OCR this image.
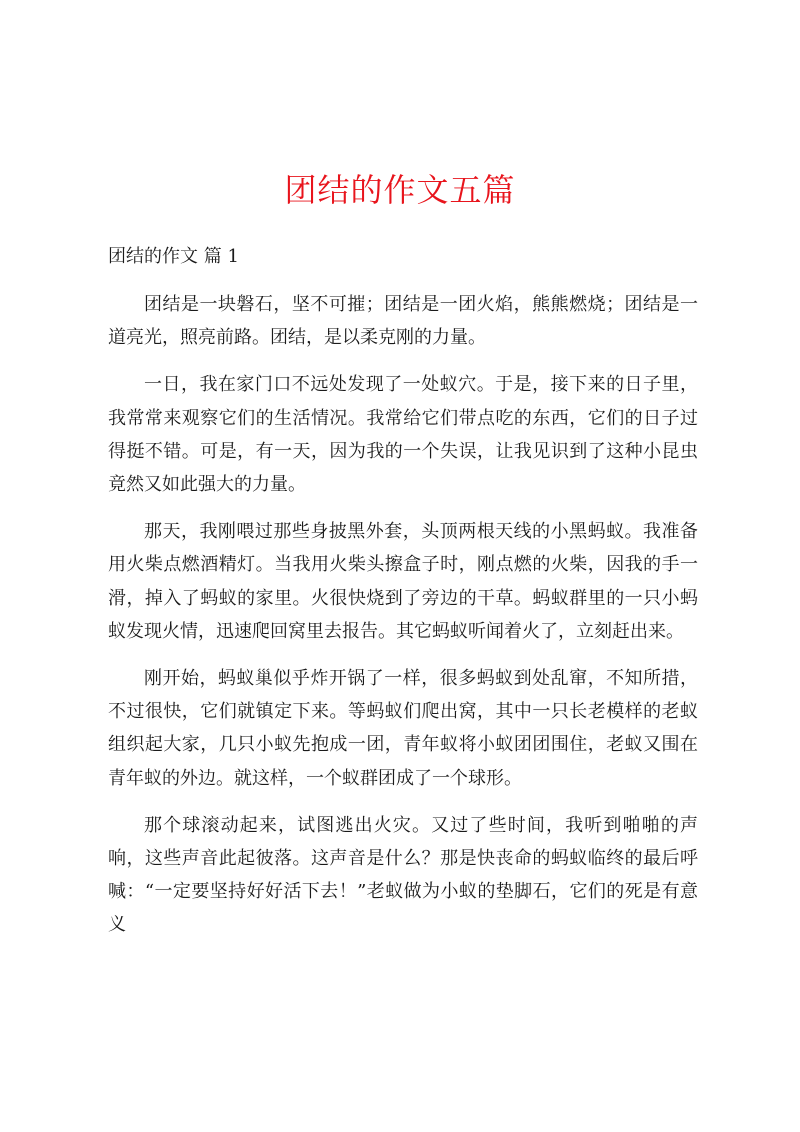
团结的作文五篇

团结的作文 篇 1

团结是一块磐石，坚不可摧；团结是一团火焰，熊熊燃烧；团结是一道亮光，照亮前路。团结，是以柔克刚的力量。

一日，我在家门口不远处发现了一处蚁穴。于是，接下来的日子里，我常常来观察它们的生活情况。我常给它们带点吃的东西，它们的日子过得挺不错。可是，有一天，因为我的一个失误，让我见识到了这种小昆虫竟然又如此强大的力量。

那天，我刚喂过那些身披黑外套，头顶两根天线的小黑蚂蚁。我准备用火柴点燃酒精灯。当我用火柴头擦盒子时，刚点燃的火柴，因我的手一滑，掉入了蚂蚁的家里。火很快烧到了旁边的干草。蚂蚁群里的一只小蚂蚁发现火情，迅速爬回窝里去报告。其它蚂蚁听闻着火了，立刻赶出来。

刚开始，蚂蚁巢似乎炸开锅了一样，很多蚂蚁到处乱窜，不知所措，不过很快，它们就镇定下来。等蚂蚁们爬出窝，其中一只长老模样的老蚁组织起大家，几只小蚁先抱成一团，青年蚁将小蚁团团围住，老蚁又围在青年蚁的外边。就这样，一个蚁群团成了一个球形。

那个球滚动起来，试图逃出火灾。又过了些时间，我听到啪啪的声响，这些声音此起彼落。这声音是什么？那是快丧命的蚂蚁临终的最后呼喊：“一定要坚持好好活下去！”老蚁做为小蚁的垫脚石，它们的死是有意义
